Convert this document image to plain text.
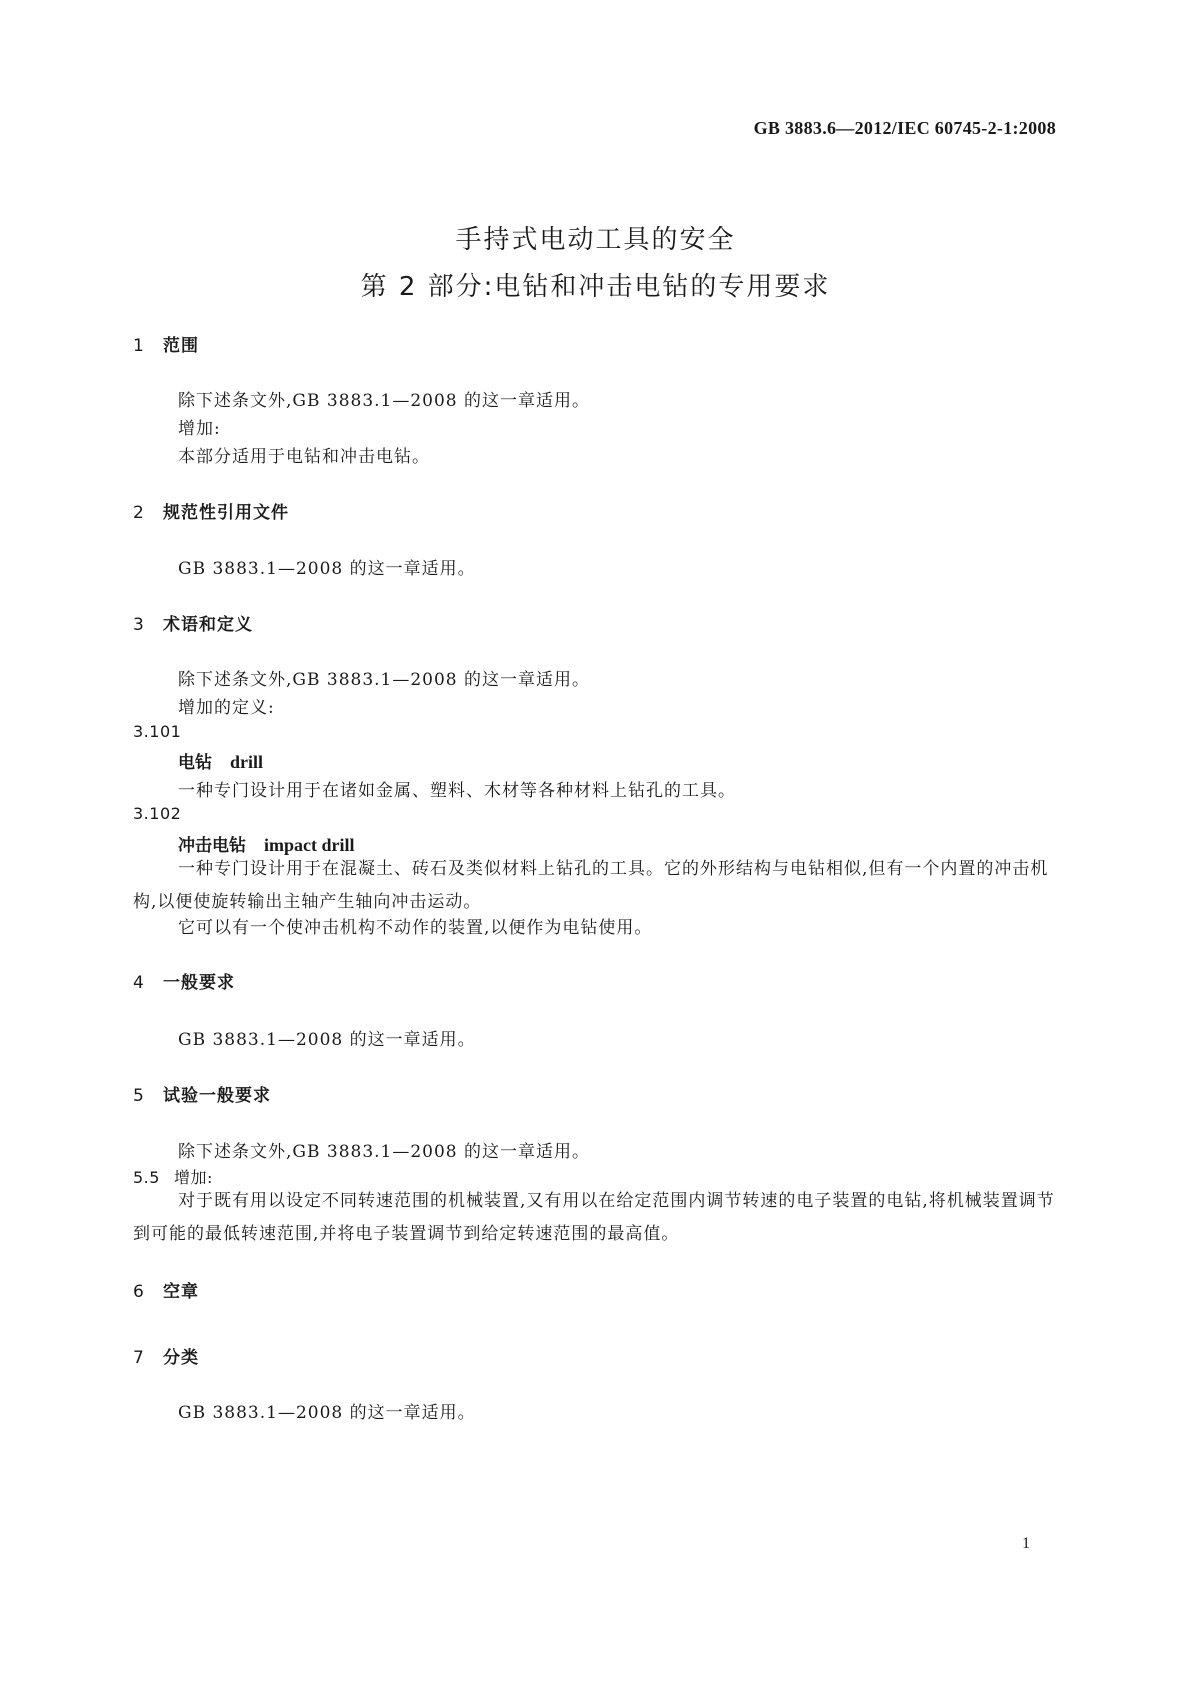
GB 3883.6—2012/IEC 60745-2-1:2008
手持式电动工具的安全
第 2 部分:电钻和冲击电钻的专用要求
1 范围
除下述条文外,GB 3883.1—2008 的这一章适用。
增加:
本部分适用于电钻和冲击电钻。
2 规范性引用文件
GB 3883.1—2008 的这一章适用。
3 术语和定义
除下述条文外,GB 3883.1—2008 的这一章适用。
增加的定义:
3.101
电钻 drill
一种专门设计用于在诸如金属、塑料、木材等各种材料上钻孔的工具。
3.102
冲击电钻 impact drill
一种专门设计用于在混凝土、砖石及类似材料上钻孔的工具。它的外形结构与电钻相似,但有一个内置的冲击机构,以便使旋转输出主轴产生轴向冲击运动。
它可以有一个使冲击机构不动作的装置,以便作为电钻使用。
4 一般要求
GB 3883.1—2008 的这一章适用。
5 试验一般要求
除下述条文外,GB 3883.1—2008 的这一章适用。
5.5 增加:
对于既有用以设定不同转速范围的机械装置,又有用以在给定范围内调节转速的电子装置的电钻,将机械装置调节到可能的最低转速范围,并将电子装置调节到给定转速范围的最高值。
6 空章
7 分类
GB 3883.1—2008 的这一章适用。
1
